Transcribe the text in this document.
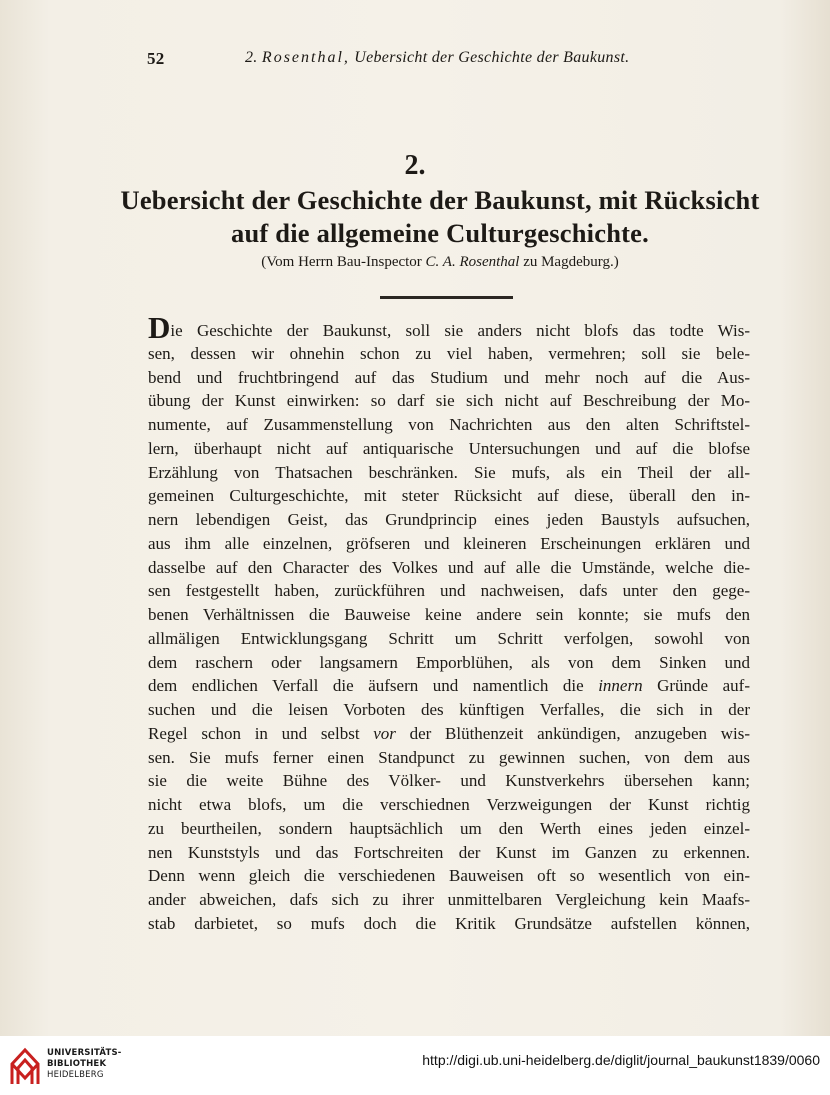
52	2. Rosenthal, Uebersicht der Geschichte der Baukunst.
2.
Uebersicht der Geschichte der Baukunst, mit Rücksicht
auf die allgemeine Culturgeschichte.
(Vom Herrn Bau-Inspector C. A. Rosenthal zu Magdeburg.)
Die Geschichte der Baukunst, soll sie anders nicht blofs das todte Wis-
sen, dessen wir ohnehin schon zu viel haben, vermehren; soll sie bele-
bend und fruchtbringend auf das Studium und mehr noch auf die Aus-
übung der Kunst einwirken: so darf sie sich nicht auf Beschreibung der Mo-
numente, auf Zusammenstellung von Nachrichten aus den alten Schriftstel-
lern, überhaupt nicht auf antiquarische Untersuchungen und auf die blofse
Erzählung von Thatsachen beschränken. Sie mufs, als ein Theil der all-
gemeinen Culturgeschichte, mit steter Rücksicht auf diese, überall den in-
nern lebendigen Geist, das Grundprincip eines jeden Baustyls aufsuchen,
aus ihm alle einzelnen, gröfseren und kleineren Erscheinungen erklären und
dasselbe auf den Character des Volkes und auf alle die Umstände, welche die-
sen festgestellt haben, zurückführen und nachweisen, dafs unter den gege-
benen Verhältnissen die Bauweise keine andere sein konnte; sie mufs den
allmäligen Entwicklungsgang Schritt um Schritt verfolgen, sowohl von
dem raschern oder langsamern Emporblühen, als von dem Sinken und
dem endlichen Verfall die äufsern und namentlich die innern Gründe auf-
suchen und die leisen Vorboten des künftigen Verfalles, die sich in der
Regel schon in und selbst vor der Blüthenzeit ankündigen, anzugeben wis-
sen. Sie mufs ferner einen Standpunct zu gewinnen suchen, von dem aus
sie die weite Bühne des Völker- und Kunstverkehrs übersehen kann;
nicht etwa blofs, um die verschiednen Verzweigungen der Kunst richtig
zu beurtheilen, sondern hauptsächlich um den Werth eines jeden einzel-
nen Kunststyls und das Fortschreiten der Kunst im Ganzen zu erkennen.
Denn wenn gleich die verschiedenen Bauweisen oft so wesentlich von ein-
ander abweichen, dafs sich zu ihrer unmittelbaren Vergleichung kein Maafs-
stab darbietet, so mufs doch die Kritik Grundsätze aufstellen können,
UNIVERSITÄTS-
BIBLIOTHEK
HEIDELBERG
http://digi.ub.uni-heidelberg.de/diglit/journal_baukunst1839/0060
